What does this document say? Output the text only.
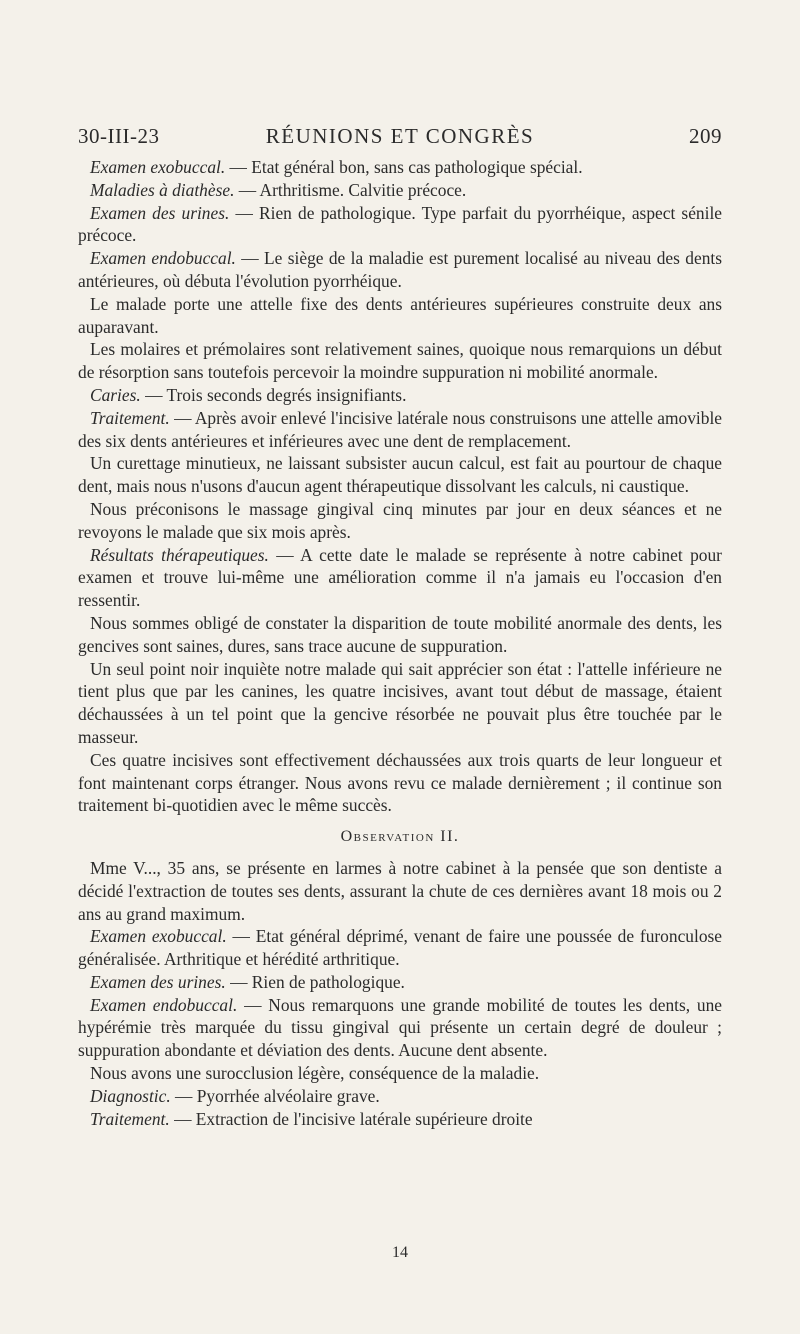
30-III-23	RÉUNIONS ET CONGRÈS	209

Examen exobuccal. — Etat général bon, sans cas pathologique spécial.

Maladies à diathèse. — Arthritisme. Calvitie précoce.

Examen des urines. — Rien de pathologique. Type parfait du pyorrhéique, aspect sénile précoce.

Examen endobuccal. — Le siège de la maladie est purement localisé au niveau des dents antérieures, où débuta l'évolution pyorrhéique.

Le malade porte une attelle fixe des dents antérieures supérieures construite deux ans auparavant.

Les molaires et prémolaires sont relativement saines, quoique nous remarquions un début de résorption sans toutefois percevoir la moindre suppuration ni mobilité anormale.

Caries. — Trois seconds degrés insignifiants.

Traitement. — Après avoir enlevé l'incisive latérale nous construisons une attelle amovible des six dents antérieures et inférieures avec une dent de remplacement.

Un curettage minutieux, ne laissant subsister aucun calcul, est fait au pourtour de chaque dent, mais nous n'usons d'aucun agent thérapeutique dissolvant les calculs, ni caustique.

Nous préconisons le massage gingival cinq minutes par jour en deux séances et ne revoyons le malade que six mois après.

Résultats thérapeutiques. — A cette date le malade se représente à notre cabinet pour examen et trouve lui-même une amélioration comme il n'a jamais eu l'occasion d'en ressentir.

Nous sommes obligé de constater la disparition de toute mobilité anormale des dents, les gencives sont saines, dures, sans trace aucune de suppuration.

Un seul point noir inquiète notre malade qui sait apprécier son état : l'attelle inférieure ne tient plus que par les canines, les quatre incisives, avant tout début de massage, étaient déchaussées à un tel point que la gencive résorbée ne pouvait plus être touchée par le masseur.

Ces quatre incisives sont effectivement déchaussées aux trois quarts de leur longueur et font maintenant corps étranger. Nous avons revu ce malade dernièrement ; il continue son traitement bi-quotidien avec le même succès.

Observation II.

Mme V..., 35 ans, se présente en larmes à notre cabinet à la pensée que son dentiste a décidé l'extraction de toutes ses dents, assurant la chute de ces dernières avant 18 mois ou 2 ans au grand maximum.

Examen exobuccal. — Etat général déprimé, venant de faire une poussée de furonculose généralisée. Arthritique et hérédité arthritique.

Examen des urines. — Rien de pathologique.

Examen endobuccal. — Nous remarquons une grande mobilité de toutes les dents, une hypérémie très marquée du tissu gingival qui présente un certain degré de douleur ; suppuration abondante et déviation des dents. Aucune dent absente.

Nous avons une surocclusion légère, conséquence de la maladie.

Diagnostic. — Pyorrhée alvéolaire grave.

Traitement. — Extraction de l'incisive latérale supérieure droite

14
